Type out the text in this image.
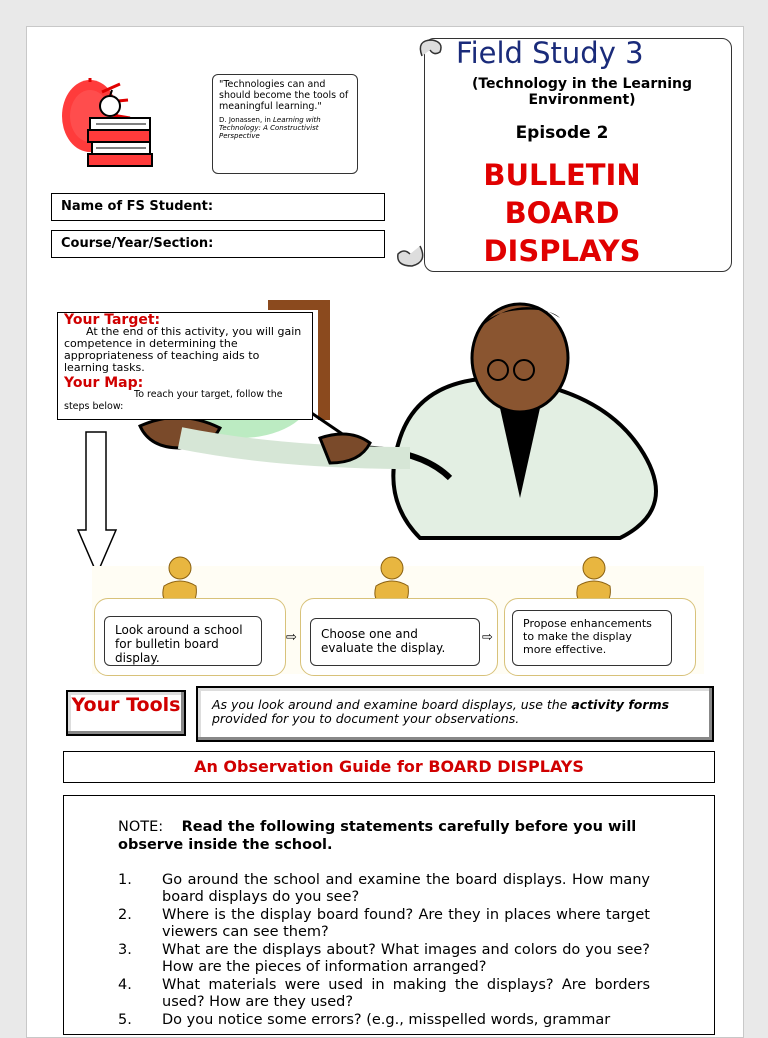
"Technologies can and should become the tools of meaningful learning."
D. Jonassen, in Learning with Technology: A Constructivist Perspective
Field Study 3
(Technology in the Learning Environment)
Episode 2
BULLETIN
BOARD
DISPLAYS
Name of FS Student:
Course/Year/Section:
Your Target:
At the end of this activity, you will gain competence in determining the appropriateness of teaching aids to learning tasks.
Your Map:
To reach your target, follow the steps below:
Look around a school for bulletin board display.
Choose one and evaluate the display.
Propose enhancements to make the display more effective.
⇨	⇨
Your Tools	As you look around and examine board displays, use the activity forms provided for you to document your observations.
An Observation Guide for BOARD DISPLAYS
NOTE: Read the following statements carefully before you will observe inside the school.
1.	Go around the school and examine the board displays. How many board displays do you see?
2.	Where is the display board found? Are they in places where target viewers can see them?
3.	What are the displays about? What images and colors do you see? How are the pieces of information arranged?
4.	What materials were used in making the displays? Are borders used? How are they used?
5.	Do you notice some errors? (e.g., misspelled words, grammar
